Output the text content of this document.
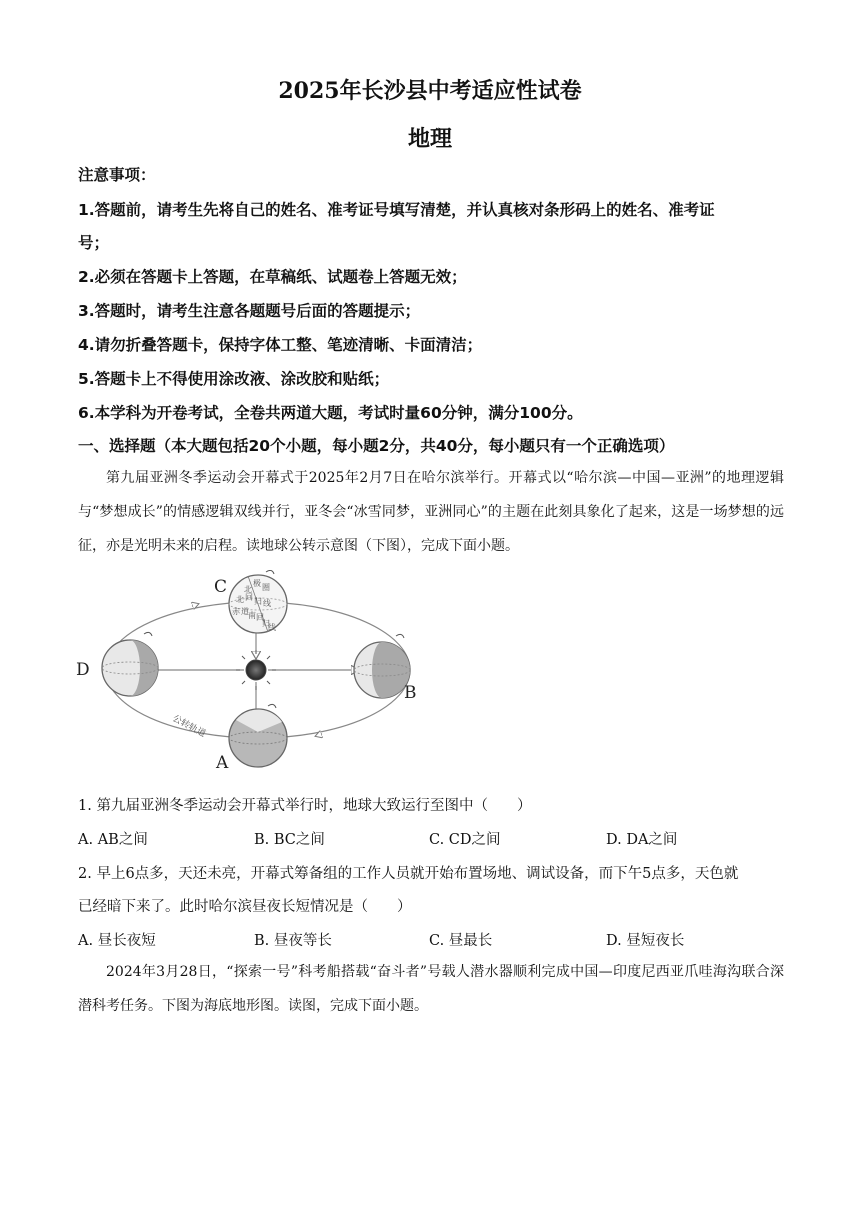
2025年长沙县中考适应性试卷
地理
注意事项：
1.答题前，请考生先将自己的姓名、准考证号填写清楚，并认真核对条形码上的姓名、准考证
号；
2.必须在答题卡上答题，在草稿纸、试题卷上答题无效；
3.答题时，请考生注意各题题号后面的答题提示；
4.请勿折叠答题卡，保持字体工整、笔迹清晰、卡面清洁；
5.答题卡上不得使用涂改液、涂改胶和贴纸；
6.本学科为开卷考试，全卷共两道大题，考试时量60分钟，满分100分。
一、选择题（本大题包括20个小题，每小题2分，共40分，每小题只有一个正确选项）
第九届亚洲冬季运动会开幕式于2025年2月7日在哈尔滨举行。开幕式以“哈尔滨—中国—亚洲”的地理逻辑与“梦想成长”的情感逻辑双线并行，亚冬会“冰雪同梦，亚洲同心”的主题在此刻具象化了起来，这是一场梦想的远征，亦是光明未来的启程。读地球公转示意图（下图），完成下面小题。
北
极 圈
北 回 归 线
赤 道 南 回
归
线
C
D
B
A
公转轨道
1. 第九届亚洲冬季运动会开幕式举行时，地球大致运行至图中（　　）
A. AB之间	B. BC之间	C. CD之间	D. DA之间
2. 早上6点多，天还未亮，开幕式筹备组的工作人员就开始布置场地、调试设备，而下午5点多，天色就
已经暗下来了。此时哈尔滨昼夜长短情况是（　　）
A. 昼长夜短	B. 昼夜等长	C. 昼最长	D. 昼短夜长
2024年3月28日，“探索一号”科考船搭载“奋斗者”号载人潜水器顺利完成中国—印度尼西亚爪哇海沟联合深潜科考任务。下图为海底地形图。读图，完成下面小题。
